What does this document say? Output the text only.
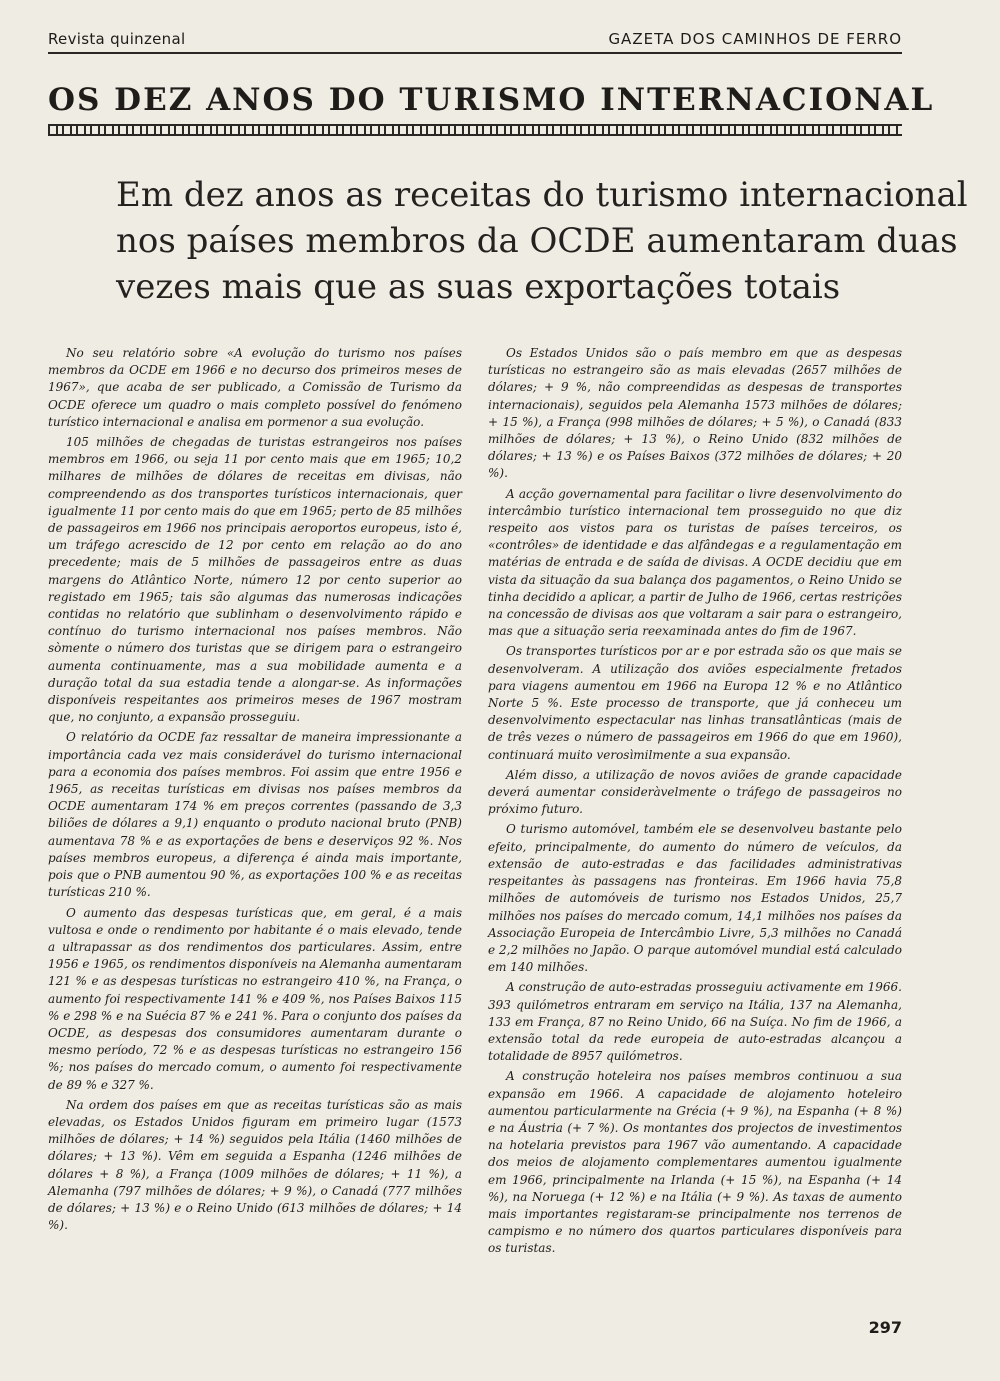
Revista quinzenal	GAZETA DOS CAMINHOS DE FERRO
OS DEZ ANOS DO TURISMO INTERNACIONAL
Em dez anos as receitas do turismo internacional
nos países membros da OCDE aumentaram duas
vezes mais que as suas exportações totais

No seu relatório sobre «A evolução do turismo nos países membros da OCDE em 1966 e no decurso dos primeiros meses de 1967», que acaba de ser publicado, a Comissão de Turismo da OCDE oferece um quadro o mais completo possível do fenómeno turístico internacional e analisa em pormenor a sua evolução.

105 milhões de chegadas de turistas estrangeiros nos países membros em 1966, ou seja 11 por cento mais que em 1965; 10,2 milhares de milhões de dólares de receitas em divisas, não compreendendo as dos transportes turísticos internacionais, quer igualmente 11 por cento mais do que em 1965; perto de 85 milhões de passageiros em 1966 nos principais aeroportos europeus, isto é, um tráfego acrescido de 12 por cento em relação ao do ano precedente; mais de 5 milhões de passageiros entre as duas margens do Atlântico Norte, número 12 por cento superior ao registado em 1965; tais são algumas das numerosas indicações contidas no relatório que sublinham o desenvolvimento rápido e contínuo do turismo internacional nos países membros. Não sòmente o número dos turistas que se dirigem para o estrangeiro aumenta continuamente, mas a sua mobilidade aumenta e a duração total da sua estadia tende a alongar-se. As informações disponíveis respeitantes aos primeiros meses de 1967 mostram que, no conjunto, a expansão prosseguiu.

O relatório da OCDE faz ressaltar de maneira impressionante a importância cada vez mais considerável do turismo internacional para a economia dos países membros. Foi assim que entre 1956 e 1965, as receitas turísticas em divisas nos países membros da OCDE aumentaram 174 % em preços correntes (passando de 3,3 biliões de dólares a 9,1) enquanto o produto nacional bruto (PNB) aumentava 78 % e as exportações de bens e deserviços 92 %. Nos países membros europeus, a diferença é ainda mais importante, pois que o PNB aumentou 90 %, as exportações 100 % e as receitas turísticas 210 %.

O aumento das despesas turísticas que, em geral, é a mais vultosa e onde o rendimento por habitante é o mais elevado, tende a ultrapassar as dos rendimentos dos particulares. Assim, entre 1956 e 1965, os rendimentos disponíveis na Alemanha aumentaram 121 % e as despesas turísticas no estrangeiro 410 %, na França, o aumento foi respectivamente 141 % e 409 %, nos Países Baixos 115 % e 298 % e na Suécia 87 % e 241 %. Para o conjunto dos países da OCDE, as despesas dos consumidores aumentaram durante o mesmo período, 72 % e as despesas turísticas no estrangeiro 156 %; nos países do mercado comum, o aumento foi respectivamente de 89 % e 327 %.

Na ordem dos países em que as receitas turísticas são as mais elevadas, os Estados Unidos figuram em primeiro lugar (1573 milhões de dólares; + 14 %) seguidos pela Itália (1460 milhões de dólares; + 13 %). Vêm em seguida a Espanha (1246 milhões de dólares + 8 %), a França (1009 milhões de dólares; + 11 %), a Alemanha (797 milhões de dólares; + 9 %), o Canadá (777 milhões de dólares; + 13 %) e o Reino Unido (613 milhões de dólares; + 14 %).

Os Estados Unidos são o país membro em que as despesas turísticas no estrangeiro são as mais elevadas (2657 milhões de dólares; + 9 %, não compreendidas as despesas de transportes internacionais), seguidos pela Alemanha 1573 milhões de dólares; + 15 %), a França (998 milhões de dólares; + 5 %), o Canadá (833 milhões de dólares; + 13 %), o Reino Unido (832 milhões de dólares; + 13 %) e os Países Baixos (372 milhões de dólares; + 20 %).

A acção governamental para facilitar o livre desenvolvimento do intercâmbio turístico internacional tem prosseguido no que diz respeito aos vistos para os turistas de países terceiros, os «contrôles» de identidade e das alfândegas e a regulamentação em matérias de entrada e de saída de divisas. A OCDE decidiu que em vista da situação da sua balança dos pagamentos, o Reino Unido se tinha decidido a aplicar, a partir de Julho de 1966, certas restrições na concessão de divisas aos que voltaram a sair para o estrangeiro, mas que a situação seria reexaminada antes do fim de 1967.

Os transportes turísticos por ar e por estrada são os que mais se desenvolveram. A utilização dos aviões especialmente fretados para viagens aumentou em 1966 na Europa 12 % e no Atlântico Norte 5 %. Este processo de transporte, que já conheceu um desenvolvimento espectacular nas linhas transatlânticas (mais de de três vezes o número de passageiros em 1966 do que em 1960), continuará muito verosìmilmente a sua expansão.

Além disso, a utilização de novos aviões de grande capacidade deverá aumentar consideràvelmente o tráfego de passageiros no próximo futuro.

O turismo automóvel, também ele se desenvolveu bastante pelo efeito, principalmente, do aumento do número de veículos, da extensão de auto-estradas e das facilidades administrativas respeitantes às passagens nas fronteiras. Em 1966 havia 75,8 milhões de automóveis de turismo nos Estados Unidos, 25,7 milhões nos países do mercado comum, 14,1 milhões nos países da Associação Europeia de Intercâmbio Livre, 5,3 milhões no Canadá e 2,2 milhões no Japão. O parque automóvel mundial está calculado em 140 milhões.

A construção de auto-estradas prosseguiu activamente em 1966. 393 quilómetros entraram em serviço na Itália, 137 na Alemanha, 133 em França, 87 no Reino Unido, 66 na Suíça. No fim de 1966, a extensão total da rede europeia de auto-estradas alcançou a totalidade de 8957 quilómetros.

A construção hoteleira nos países membros continuou a sua expansão em 1966. A capacidade de alojamento hoteleiro aumentou particularmente na Grécia (+ 9 %), na Espanha (+ 8 %) e na Áustria (+ 7 %). Os montantes dos projectos de investimentos na hotelaria previstos para 1967 vão aumentando. A capacidade dos meios de alojamento complementares aumentou igualmente em 1966, principalmente na Irlanda (+ 15 %), na Espanha (+ 14 %), na Noruega (+ 12 %) e na Itália (+ 9 %). As taxas de aumento mais importantes registaram-se principalmente nos terrenos de campismo e no número dos quartos particulares disponíveis para os turistas.

297
